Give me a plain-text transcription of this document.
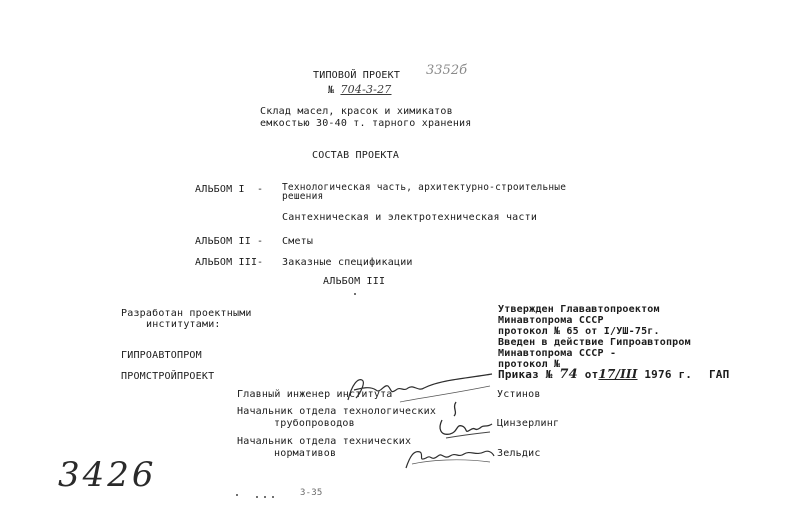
ТИПОВОЙ ПРОЕКТ 3352б
№ 704-3-27
Склад масел, красок и химикатов
емкостью 30-40 т. тарного хранения
СОСТАВ ПРОЕКТА
АЛЬБОМ I - Технологическая часть, архитектурно-строительные
решения
Сантехническая и электротехническая части
АЛЬБОМ II - Сметы
АЛЬБОМ III - Заказные спецификации
АЛЬБОМ III
Разработан проектными
институтами:
ГИПРОАВТОПРОМ
ПРОМСТРОЙПРОЕКТ
Утвержден Глававтопроектом
Минавтопрома СССР
протокол № 65 от I/УШ-75г.
Введен в действие Гипроавтопром
Минавтопрома СССР -
протокол №
Приказ № 74 от17/III 1976 г. ГАП
Главный инженер института	Устинов
Начальник отдела технологических
трубопроводов	Цинзерлинг
Начальник отдела технических
нормативов	Зельдис
3426	3-35
